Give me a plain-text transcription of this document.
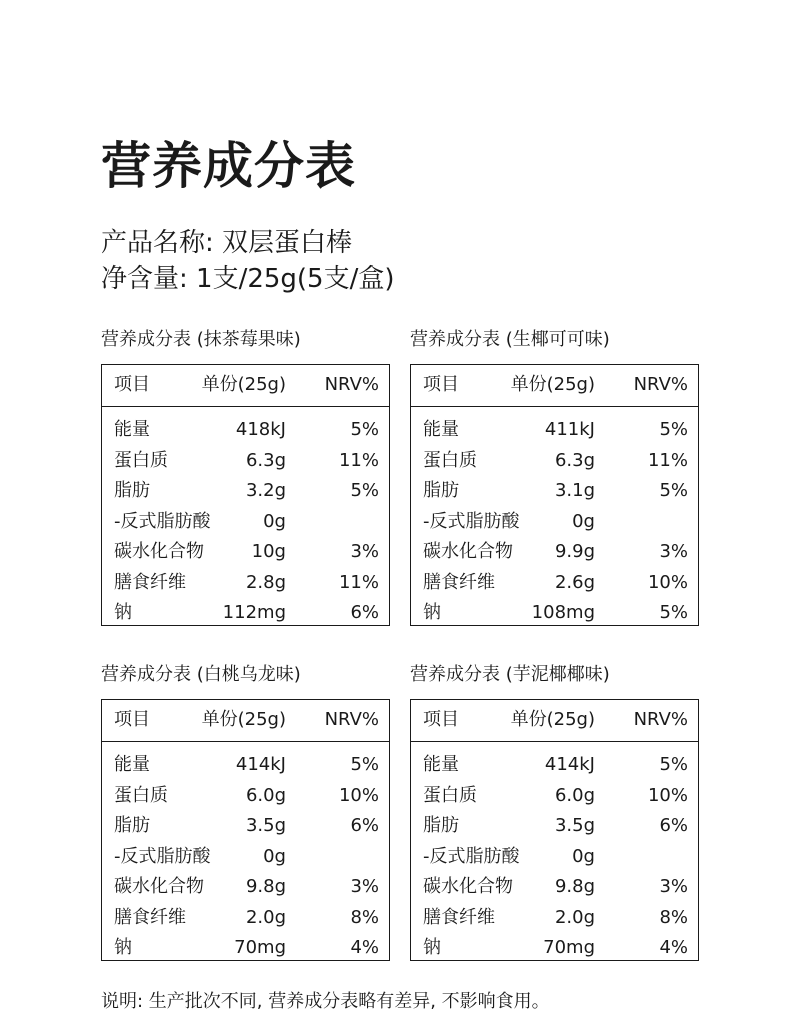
营养成分表
产品名称: 双层蛋白棒
净含量: 1支/25g(5支/盒)
营养成分表 (抹茶莓果味)
项目	单份(25g) NRV%
能量	418kJ	5%
蛋白质	6.3g	11%
脂肪	3.2g	5%
-反式脂肪酸	0g
碳水化合物	10g	3%
膳食纤维	2.8g	11%
钠	112mg	6%
营养成分表 (生椰可可味)
项目	单份(25g) NRV%
能量	411kJ	5%
蛋白质	6.3g	11%
脂肪	3.1g	5%
-反式脂肪酸	0g
碳水化合物 9.9g	3%
膳食纤维	2.6g	10%
钠	108mg	5%
营养成分表 (白桃乌龙味)
项目	单份(25g) NRV%
能量	414kJ	5%
蛋白质	6.0g	10%
脂肪	3.5g	6%
-反式脂肪酸	0g
碳水化合物 9.8g	3%
膳食纤维	2.0g	8%
钠	70mg	4%
营养成分表 (芋泥椰椰味)
项目	单份(25g) NRV%
能量	414kJ	5%
蛋白质	6.0g	10%
脂肪	3.5g	6%
-反式脂肪酸	0g
碳水化合物 9.8g	3%
膳食纤维	2.0g	8%
钠	70mg	4%
说明: 生产批次不同, 营养成分表略有差异, 不影响食用。
